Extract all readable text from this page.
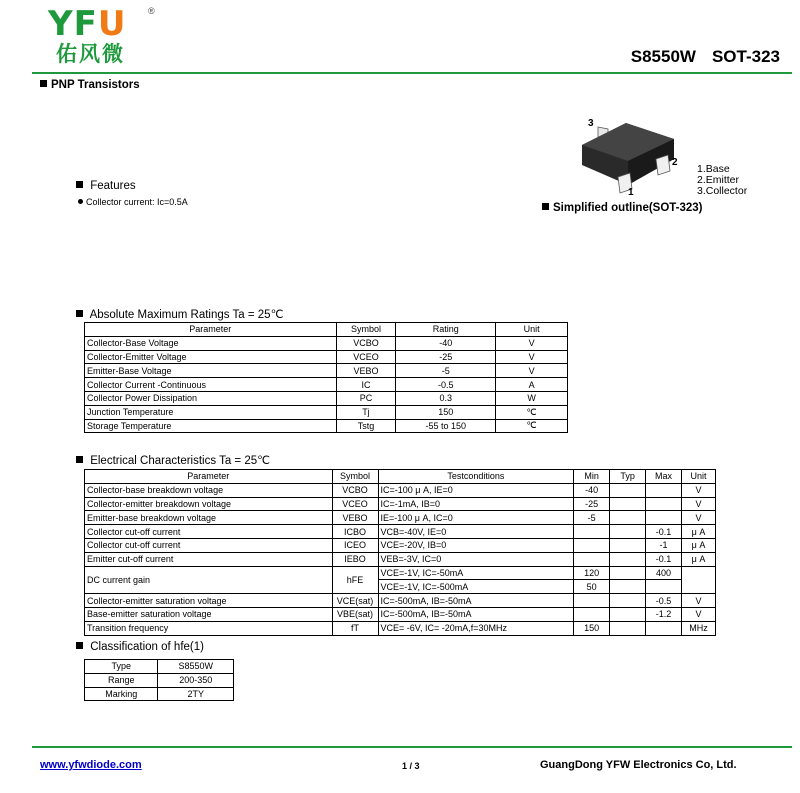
YFU ®
佑风微	S8550W SOT-323
PNP Transistors
Features
Collector current: Ic=0.5A
3
2
1
1.Base
2.Emitter
3.Collector
Simplified outline(SOT-323)
Absolute Maximum Ratings Ta = 25℃
Parameter	Symbol	Rating	Unit
Collector-Base Voltage	VCBO	-40	V
Collector-Emitter Voltage	VCEO	-25	V
Emitter-Base Voltage	VEBO	-5	V
Collector Current -Continuous	IC	-0.5	A
Collector Power Dissipation	PC	0.3	W
Junction Temperature	Tj	150	℃
Storage Temperature	Tstg	-55 to 150	℃
Electrical Characteristics Ta = 25℃
Parameter	Symbol	Testconditions	Min	Typ	Max	Unit
Collector-base breakdown voltage	VCBO	IC=-100 μ A, IE=0	-40			V
Collector-emitter breakdown voltage	VCEO	IC=-1mA, IB=0	-25			V
Emitter-base breakdown voltage	VEBO	IE=-100 μ A, IC=0	-5			V
Collector cut-off current	ICBO	VCB=-40V, IE=0			-0.1	μ A
Collector cut-off current	ICEO	VCE=-20V, IB=0			-1	μ A
Emitter cut-off current	IEBO	VEB=-3V, IC=0			-0.1	μ A
DC current gain	hFE	VCE=-1V, IC=-50mA	120		400	
		VCE=-1V, IC=-500mA	50			
Collector-emitter saturation voltage	VCE(sat)	IC=-500mA, IB=-50mA			-0.5	V
Base-emitter saturation voltage	VBE(sat)	IC=-500mA, IB=-50mA			-1.2	V
Transition frequency	fT	VCE= -6V, IC= -20mA,f=30MHz	150			MHz
Classification of hfe(1)
Type	S8550W
Range	200-350
Marking	2TY
www.yfwdiode.com	1 / 3	GuangDong YFW Electronics Co, Ltd.
